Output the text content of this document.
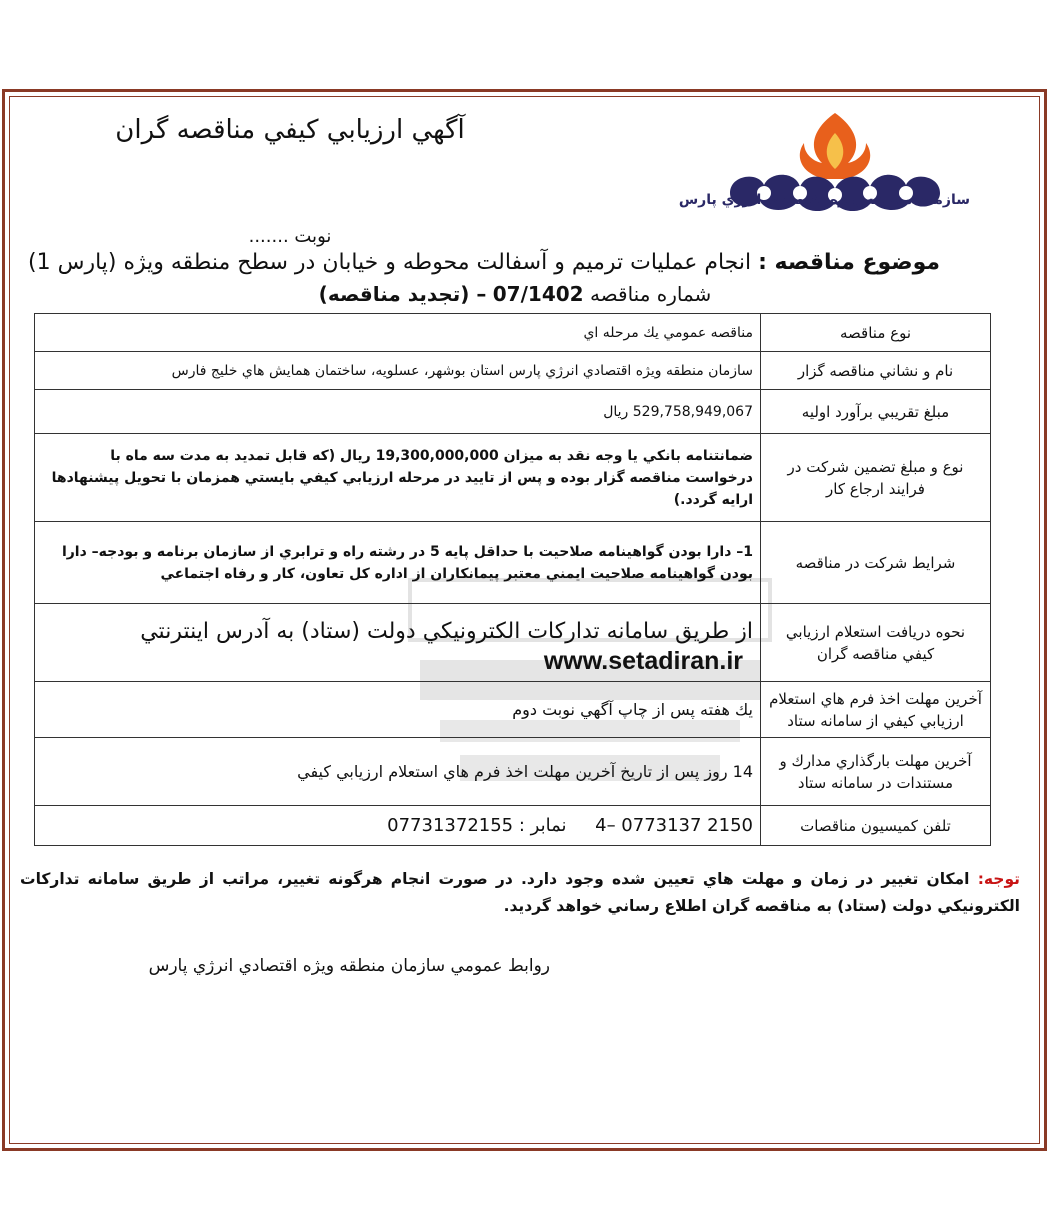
آگهي ارزيابي كيفي مناقصه گران
سازمان منطقه ويژه اقتصادي انرژي پارس
نوبت .......
موضوع مناقصه : انجام عمليات ترميم و آسفالت محوطه و خيابان در سطح منطقه ويژه (پارس 1)
شماره مناقصه 07/1402 – (تجديد مناقصه)
نوع مناقصه	مناقصه عمومي يك مرحله اي
نام و نشاني مناقصه گزار	سازمان منطقه ويژه اقتصادي انرژي پارس استان بوشهر، عسلويه، ساختمان همايش هاي خليج فارس
مبلغ تقريبي برآورد اوليه	529,758,949,067 ريال
نوع و مبلغ تضمين شركت در فرايند ارجاع كار	ضمانتنامه بانكي يا وجه نقد به ميزان 19,300,000,000 ريال (كه قابل تمديد به مدت سه ماه با درخواست مناقصه گزار بوده و پس از تاييد در مرحله ارزيابي كيفي بايستي همزمان با تحويل پيشنهادها ارايه گردد.)
شرايط شركت در مناقصه	1– دارا بودن گواهينامه صلاحيت با حداقل پايه 5 در رشته راه و ترابري از سازمان برنامه و بودجه– دارا بودن گواهينامه صلاحيت ايمني معتبر پيمانكاران از اداره كل تعاون، كار و رفاه اجتماعي
نحوه دريافت استعلام ارزيابي كيفي مناقصه گران	از طريق سامانه تداركات الكترونيكي دولت (ستاد) به آدرس اينترنتي
www.setadiran.ir

آخرين مهلت اخذ فرم هاي استعلام ارزيابي كيفي از سامانه ستاد	يك هفته پس از چاپ آگهي نوبت دوم
آخرين مهلت بارگذاري مدارك و مستندات در سامانه ستاد	14 روز پس از تاريخ آخرين مهلت اخذ فرم هاي استعلام ارزيابي كيفي
تلفن كميسيون مناقصات	4– 0773137 2150     نمابر : 07731372155
توجه: امكان تغيير در زمان و مهلت هاي تعيين شده وجود دارد. در صورت انجام هرگونه تغيير، مراتب از طريق سامانه تداركات الكترونيكي دولت (ستاد) به مناقصه گران اطلاع رساني خواهد گرديد.
روابط عمومي سازمان منطقه ويژه اقتصادي انرژي پارس
